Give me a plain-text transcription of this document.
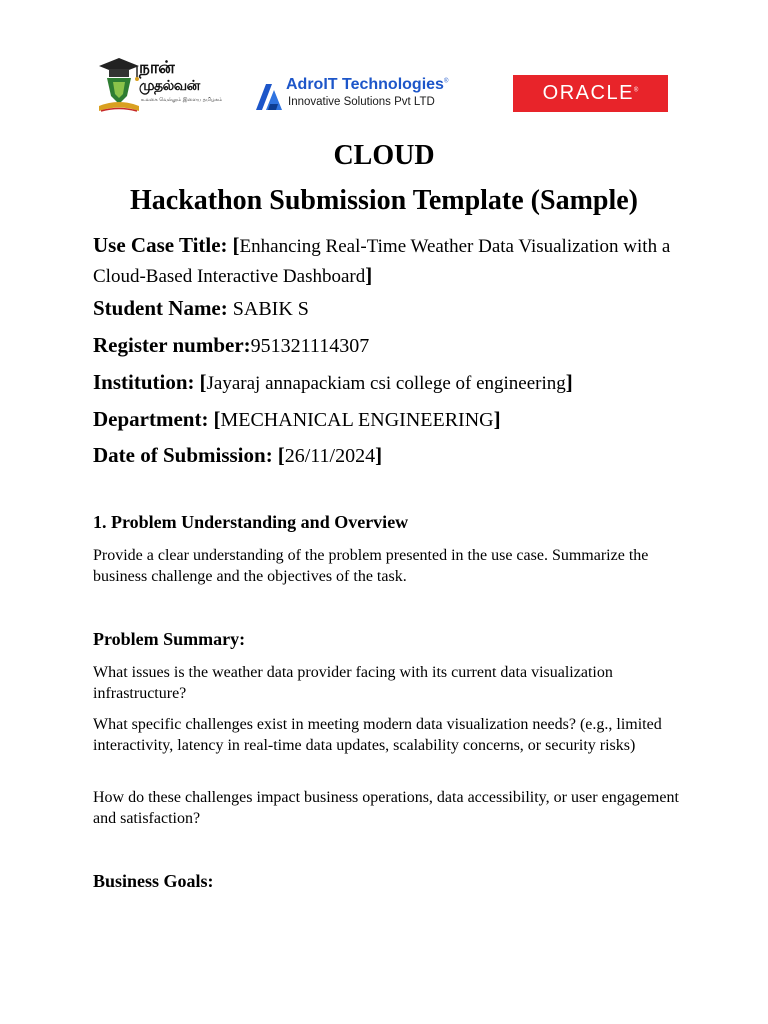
நான்
முதல்வன்
உலகை வெல்லும் இளைய தமிழகம்
AdroIT Technologies®
Innovative Solutions Pvt LTD	ORACLE®
CLOUD
Hackathon Submission Template (Sample)
Use Case Title: [Enhancing Real-Time Weather Data Visualization with a Cloud-Based Interactive Dashboard]
Student Name: SABIK S
Register number:951321114307
Institution: [Jayaraj annapackiam csi college of engineering]
Department: [MECHANICAL ENGINEERING]
Date of Submission: [26/11/2024]
1. Problem Understanding and Overview
Provide a clear understanding of the problem presented in the use case. Summarize the business challenge and the objectives of the task.
Problem Summary:
What issues is the weather data provider facing with its current data visualization infrastructure?
What specific challenges exist in meeting modern data visualization needs? (e.g., limited interactivity, latency in real-time data updates, scalability concerns, or security risks)
How do these challenges impact business operations, data accessibility, or user engagement and satisfaction?
Business Goals:
